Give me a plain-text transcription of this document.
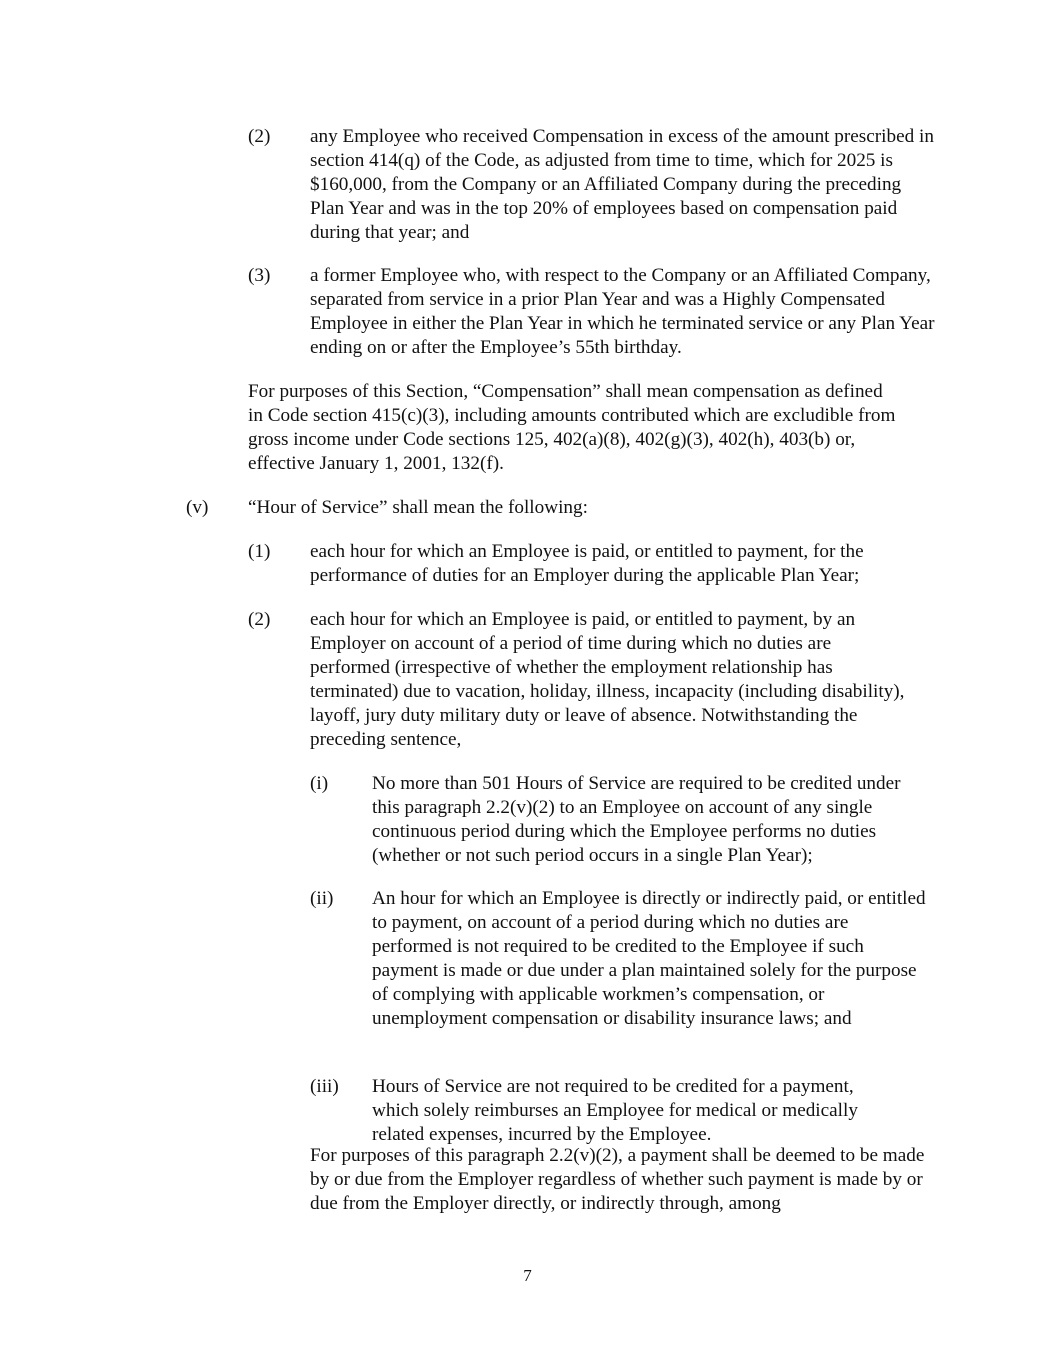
(2) any Employee who received Compensation in excess of the amount prescribed in section 414(q) of the Code, as adjusted from time to time, which for 2025 is $160,000, from the Company or an Affiliated Company during the preceding Plan Year and was in the top 20% of employees based on compensation paid during that year; and
(3) a former Employee who, with respect to the Company or an Affiliated Company, separated from service in a prior Plan Year and was a Highly Compensated Employee in either the Plan Year in which he terminated service or any Plan Year ending on or after the Employee’s 55th birthday.
For purposes of this Section, “Compensation” shall mean compensation as defined in Code section 415(c)(3), including amounts contributed which are excludible from gross income under Code sections 125, 402(a)(8), 402(g)(3), 402(h), 403(b) or, effective January 1, 2001, 132(f).
(v) “Hour of Service” shall mean the following:
(1) each hour for which an Employee is paid, or entitled to payment, for the performance of duties for an Employer during the applicable Plan Year;
(2) each hour for which an Employee is paid, or entitled to payment, by an Employer on account of a period of time during which no duties are performed (irrespective of whether the employment relationship has terminated) due to vacation, holiday, illness, incapacity (including disability), layoff, jury duty military duty or leave of absence. Notwithstanding the preceding sentence,
(i) No more than 501 Hours of Service are required to be credited under this paragraph 2.2(v)(2) to an Employee on account of any single continuous period during which the Employee performs no duties (whether or not such period occurs in a single Plan Year);
(ii) An hour for which an Employee is directly or indirectly paid, or entitled to payment, on account of a period during which no duties are performed is not required to be credited to the Employee if such payment is made or due under a plan maintained solely for the purpose of complying with applicable workmen’s compensation, or unemployment compensation or disability insurance laws; and
(iii) Hours of Service are not required to be credited for a payment, which solely reimburses an Employee for medical or medically related expenses, incurred by the Employee.
For purposes of this paragraph 2.2(v)(2), a payment shall be deemed to be made by or due from the Employer regardless of whether such payment is made by or due from the Employer directly, or indirectly through, among
7
